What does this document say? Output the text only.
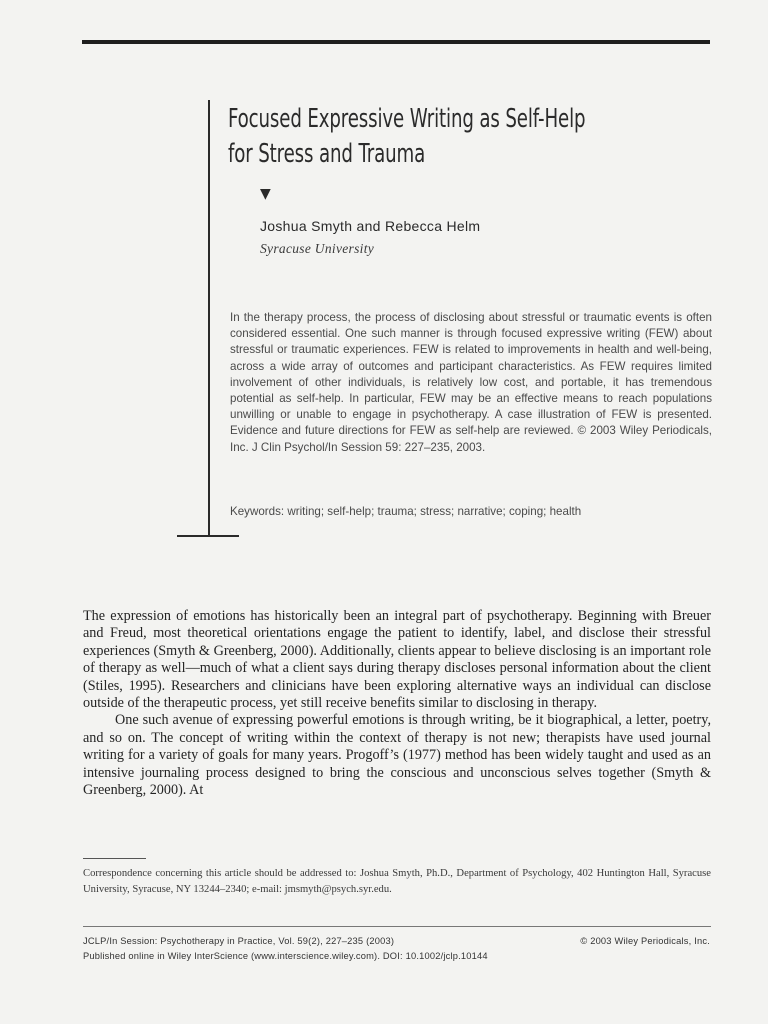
Focused Expressive Writing as Self-Help
for Stress and Trauma
▼
Joshua Smyth and Rebecca Helm
Syracuse University
In the therapy process, the process of disclosing about stressful or traumatic events is often considered essential. One such manner is through focused expressive writing (FEW) about stressful or traumatic experiences. FEW is related to improvements in health and well-being, across a wide array of outcomes and participant characteristics. As FEW requires limited involvement of other individuals, is relatively low cost, and portable, it has tremendous potential as self-help. In particular, FEW may be an effective means to reach populations unwilling or unable to engage in psychotherapy. A case illustration of FEW is presented. Evidence and future directions for FEW as self-help are reviewed. © 2003 Wiley Periodicals, Inc. J Clin Psychol/In Session 59: 227–235, 2003.
Keywords: writing; self-help; trauma; stress; narrative; coping; health

The expression of emotions has historically been an integral part of psychotherapy. Beginning with Breuer and Freud, most theoretical orientations engage the patient to identify, label, and disclose their stressful experiences (Smyth & Greenberg, 2000). Additionally, clients appear to believe disclosing is an important role of therapy as well—much of what a client says during therapy discloses personal information about the client (Stiles, 1995). Researchers and clinicians have been exploring alternative ways an individual can disclose outside of the therapeutic process, yet still receive benefits similar to disclosing in therapy.

One such avenue of expressing powerful emotions is through writing, be it biographical, a letter, poetry, and so on. The concept of writing within the context of therapy is not new; therapists have used journal writing for a variety of goals for many years. Progoff’s (1977) method has been widely taught and used as an intensive journaling process designed to bring the conscious and unconscious selves together (Smyth & Greenberg, 2000). At

Correspondence concerning this article should be addressed to: Joshua Smyth, Ph.D., Department of Psychology, 402 Huntington Hall, Syracuse University, Syracuse, NY 13244–2340; e-mail: jmsmyth@psych.syr.edu.
JCLP/In Session: Psychotherapy in Practice, Vol. 59(2), 227–235 (2003)	© 2003 Wiley Periodicals, Inc.
Published online in Wiley InterScience (www.interscience.wiley.com). DOI: 10.1002/jclp.10144
